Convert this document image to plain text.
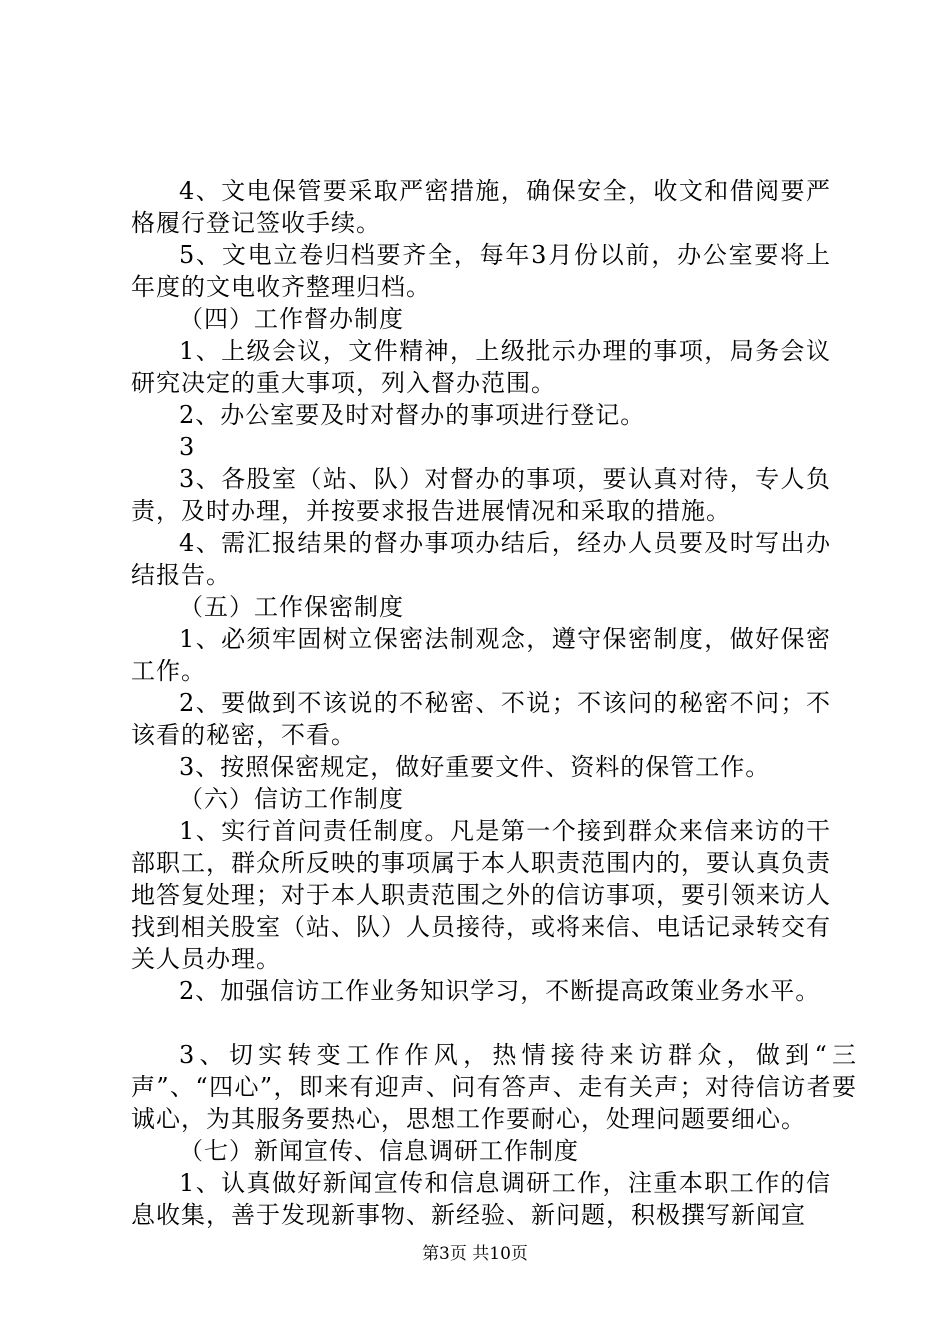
4、文电保管要采取严密措施，确保安全，收文和借阅要严格履行登记签收手续。

5、文电立卷归档要齐全，每年3月份以前，办公室要将上年度的文电收齐整理归档。

（四）工作督办制度

1、上级会议，文件精神，上级批示办理的事项，局务会议研究决定的重大事项，列入督办范围。

2、办公室要及时对督办的事项进行登记。

3

3、各股室（站、队）对督办的事项，要认真对待，专人负责，及时办理，并按要求报告进展情况和采取的措施。

4、需汇报结果的督办事项办结后，经办人员要及时写出办结报告。

（五）工作保密制度

1、必须牢固树立保密法制观念，遵守保密制度，做好保密工作。

2、要做到不该说的不秘密、不说；不该问的秘密不问；不该看的秘密，不看。

3、按照保密规定，做好重要文件、资料的保管工作。

（六）信访工作制度

1、实行首问责任制度。凡是第一个接到群众来信来访的干部职工，群众所反映的事项属于本人职责范围内的，要认真负责地答复处理；对于本人职责范围之外的信访事项，要引领来访人找到相关股室（站、队）人员接待，或将来信、电话记录转交有关人员办理。

2、加强信访工作业务知识学习，不断提高政策业务水平。

3、切实转变工作作风，热情接待来访群众，做到“三声”、“四心”，即来有迎声、问有答声、走有关声；对待信访者要诚心，为其服务要热心，思想工作要耐心，处理问题要细心。

（七）新闻宣传、信息调研工作制度

1、认真做好新闻宣传和信息调研工作，注重本职工作的信息收集，善于发现新事物、新经验、新问题，积极撰写新闻宣

第3页 共10页
